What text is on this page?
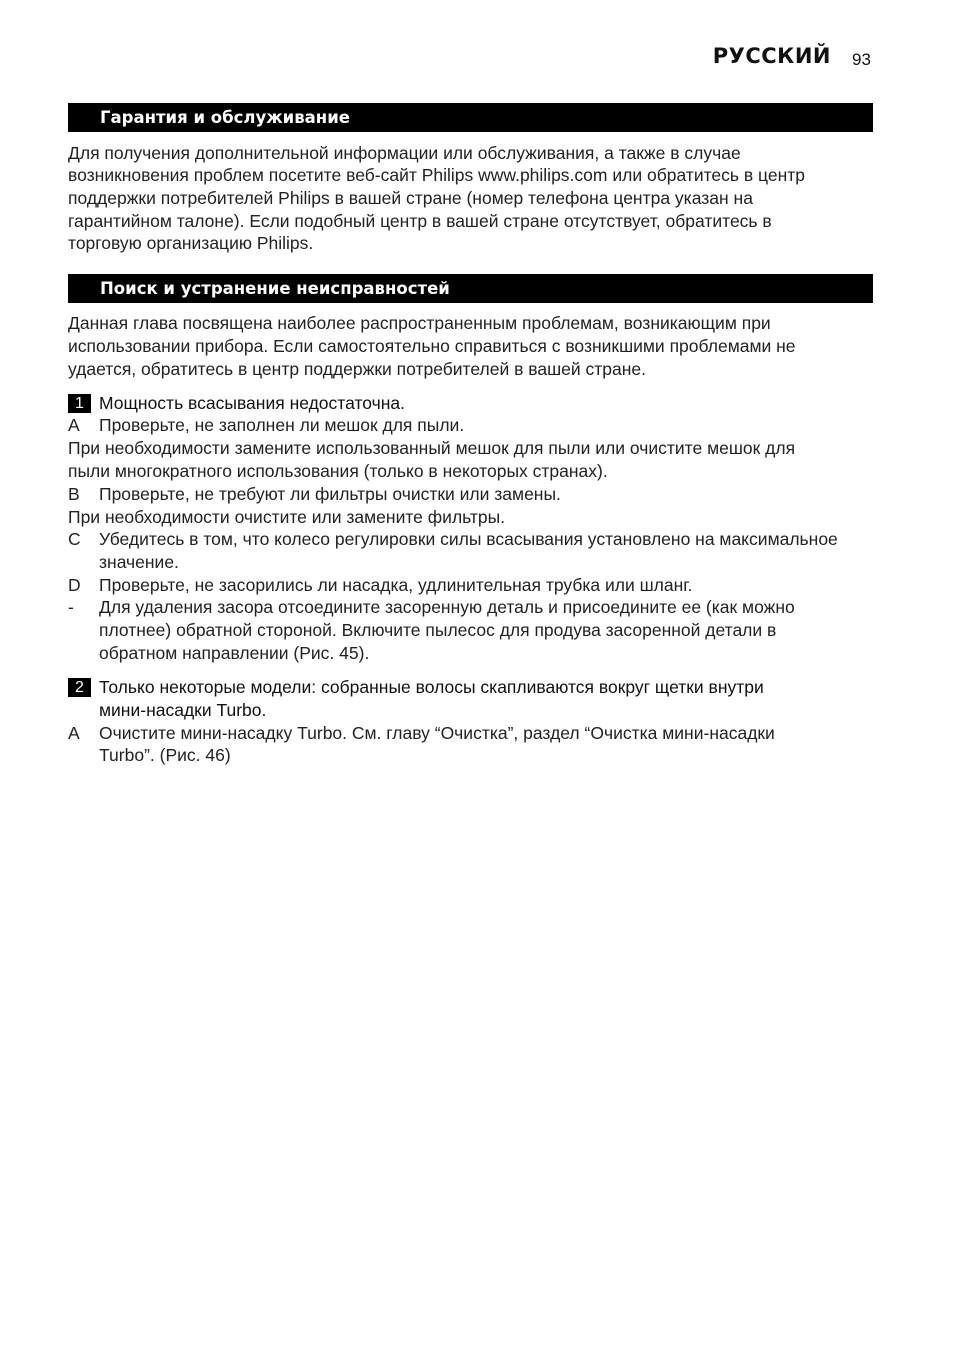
РУССКИЙ 93
Гарантия и обслуживание
Для получения дополнительной информации или обслуживания, а также в случае
возникновения проблем посетите веб-сайт Philips www.philips.com или обратитесь в центр
поддержки потребителей Philips в вашей стране (номер телефона центра указан на
гарантийном талоне). Если подобный центр в вашей стране отсутствует, обратитесь в
торговую организацию Philips.
Поиск и устранение неисправностей
Данная глава посвящена наиболее распространенным проблемам, возникающим при
использовании прибора. Если самостоятельно справиться с возникшими проблемами не
удается, обратитесь в центр поддержки потребителей в вашей стране.
1 Мощность всасывания недостаточна.
A Проверьте, не заполнен ли мешок для пыли.
При необходимости замените использованный мешок для пыли или очистите мешок для
пыли многократного использования (только в некоторых странах).
B Проверьте, не требуют ли фильтры очистки или замены.
При необходимости очистите или замените фильтры.
C Убедитесь в том, что колесо регулировки силы всасывания установлено на максимальное
значение.
D Проверьте, не засорились ли насадка, удлинительная трубка или шланг.
- Для удаления засора отсоедините засоренную деталь и присоедините ее (как можно
плотнее) обратной стороной. Включите пылесос для продува засоренной детали в
обратном направлении (Рис. 45).
2 Только некоторые модели: собранные волосы скапливаются вокруг щетки внутри
мини-насадки Turbo.
A Очистите мини-насадку Turbo. См. главу “Очистка”, раздел “Очистка мини-насадки
Turbo”. (Рис. 46)
